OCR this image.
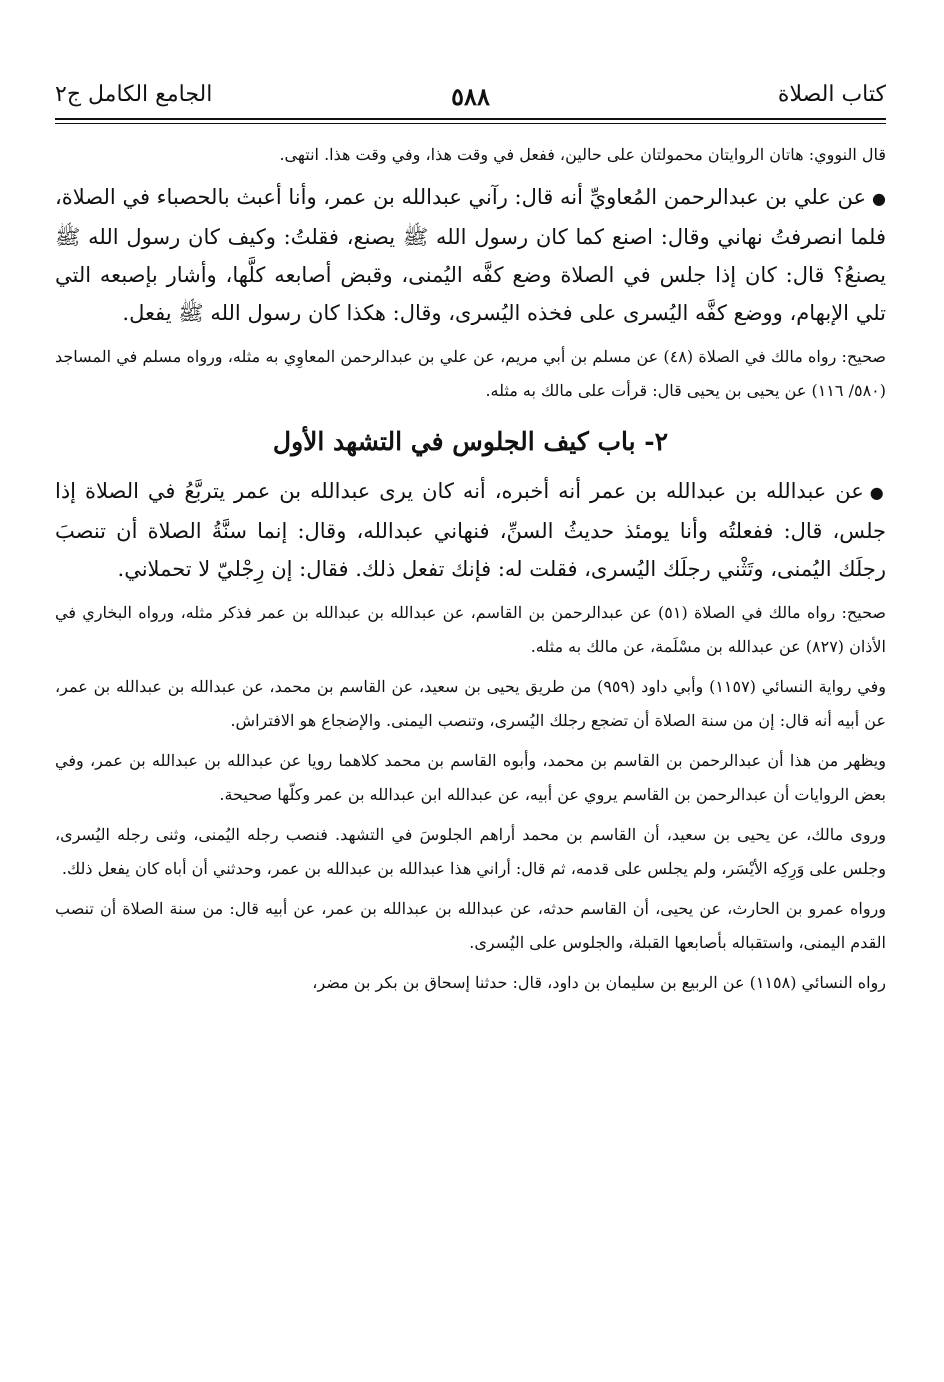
كتاب الصلاة
٥٨٨
الجامع الكامل ج٢

قال النووي: هاتان الروايتان محمولتان على حالين، ففعل في وقت هذا، وفي وقت هذا. انتهى.

●عن علي بن عبدالرحمن المُعاويِّ أنه قال: رآني عبدالله بن عمر، وأنا أعبث بالحصباء في الصلاة، فلما انصرفتُ نهاني وقال: اصنع كما كان رسول الله ﷺ يصنع، فقلتُ: وكيف كان رسول الله ﷺ يصنعُ؟ قال: كان إذا جلس في الصلاة وضع كفَّه اليُمنى، وقبض أصابعه كلَّها، وأشار بإصبعه التي تلي الإبهام، ووضع كفَّه اليُسرى على فخذه اليُسرى، وقال: هكذا كان رسول الله ﷺ يفعل.

صحيح: رواه مالك في الصلاة (٤٨) عن مسلم بن أبي مريم، عن علي بن عبدالرحمن المعاوِي به مثله، ورواه مسلم في المساجد (٥٨٠/ ١١٦) عن يحيى بن يحيى قال: قرأت على مالك به مثله.

٢- باب كيف الجلوس في التشهد الأول

●عن عبدالله بن عبدالله بن عمر أنه أخبره، أنه كان يرى عبدالله بن عمر يتربَّعُ في الصلاة إذا جلس، قال: ففعلتُه وأنا يومئذ حديثُ السنِّ، فنهاني عبدالله، وقال: إنما سنَّةُ الصلاة أن تنصبَ رجلَك اليُمنى، وتَثْني رجلَك اليُسرى، فقلت له: فإنك تفعل ذلك. فقال: إن رِجْليّ لا تحملاني.

صحيح: رواه مالك في الصلاة (٥١) عن عبدالرحمن بن القاسم، عن عبدالله بن عبدالله بن عمر فذكر مثله، ورواه البخاري في الأذان (٨٢٧) عن عبدالله بن مسْلَمة، عن مالك به مثله.

وفي رواية النسائي (١١٥٧) وأبي داود (٩٥٩) من طريق يحيى بن سعيد، عن القاسم بن محمد، عن عبدالله بن عبدالله بن عمر، عن أبيه أنه قال: إن من سنة الصلاة أن تضجع رجلك اليُسرى، وتنصب اليمنى. والإضجاع هو الافتراش.

ويظهر من هذا أن عبدالرحمن بن القاسم بن محمد، وأبوه القاسم بن محمد كلاهما رويا عن عبدالله بن عبدالله بن عمر، وفي بعض الروايات أن عبدالرحمن بن القاسم يروي عن أبيه، عن عبدالله ابن عبدالله بن عمر وكلّها صحيحة.

وروى مالك، عن يحيى بن سعيد، أن القاسم بن محمد أراهم الجلوسَ في التشهد. فنصب رجله اليُمنى، وثنى رجله اليُسرى، وجلس على وَرِكِه الأيْسَر، ولم يجلس على قدمه، ثم قال: أراني هذا عبدالله بن عبدالله بن عمر، وحدثني أن أباه كان يفعل ذلك.

ورواه عمرو بن الحارث، عن يحيى، أن القاسم حدثه، عن عبدالله بن عبدالله بن عمر، عن أبيه قال: من سنة الصلاة أن تنصب القدم اليمنى، واستقباله بأصابعها القبلة، والجلوس على اليُسرى.

رواه النسائي (١١٥٨) عن الربيع بن سليمان بن داود، قال: حدثنا إسحاق بن بكر بن مضر،
